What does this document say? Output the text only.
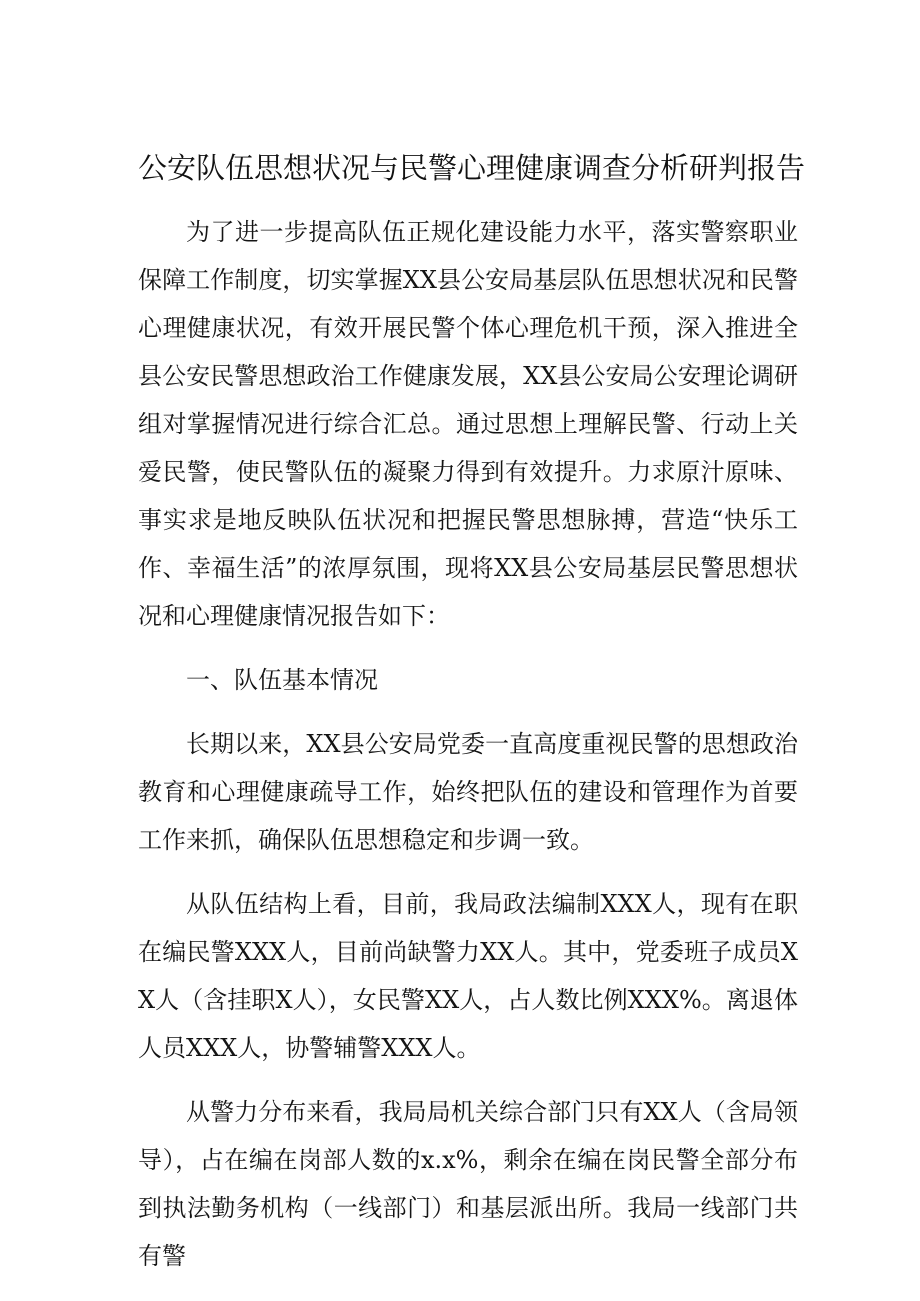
公安队伍思想状况与民警心理健康调查分析研判报告

为了进一步提高队伍正规化建设能力水平，落实警察职业保障工作制度，切实掌握XX县公安局基层队伍思想状况和民警心理健康状况，有效开展民警个体心理危机干预，深入推进全县公安民警思想政治工作健康发展，XX县公安局公安理论调研组对掌握情况进行综合汇总。通过思想上理解民警、行动上关爱民警，使民警队伍的凝聚力得到有效提升。力求原汁原味、事实求是地反映队伍状况和把握民警思想脉搏，营造“快乐工作、幸福生活”的浓厚氛围，现将XX县公安局基层民警思想状况和心理健康情况报告如下：

一、队伍基本情况

长期以来，XX县公安局党委一直高度重视民警的思想政治教育和心理健康疏导工作，始终把队伍的建设和管理作为首要工作来抓，确保队伍思想稳定和步调一致。

从队伍结构上看，目前，我局政法编制XXX人，现有在职在编民警XXX人，目前尚缺警力XX人。其中，党委班子成员XX人（含挂职X人），女民警XX人，占人数比例XXX%。离退体人员XXX人，协警辅警XXX人。

从警力分布来看，我局局机关综合部门只有XX人（含局领导），占在编在岗部人数的x.x%，剩余在编在岗民警全部分布到执法勤务机构（一线部门）和基层派出所。我局一线部门共有警
